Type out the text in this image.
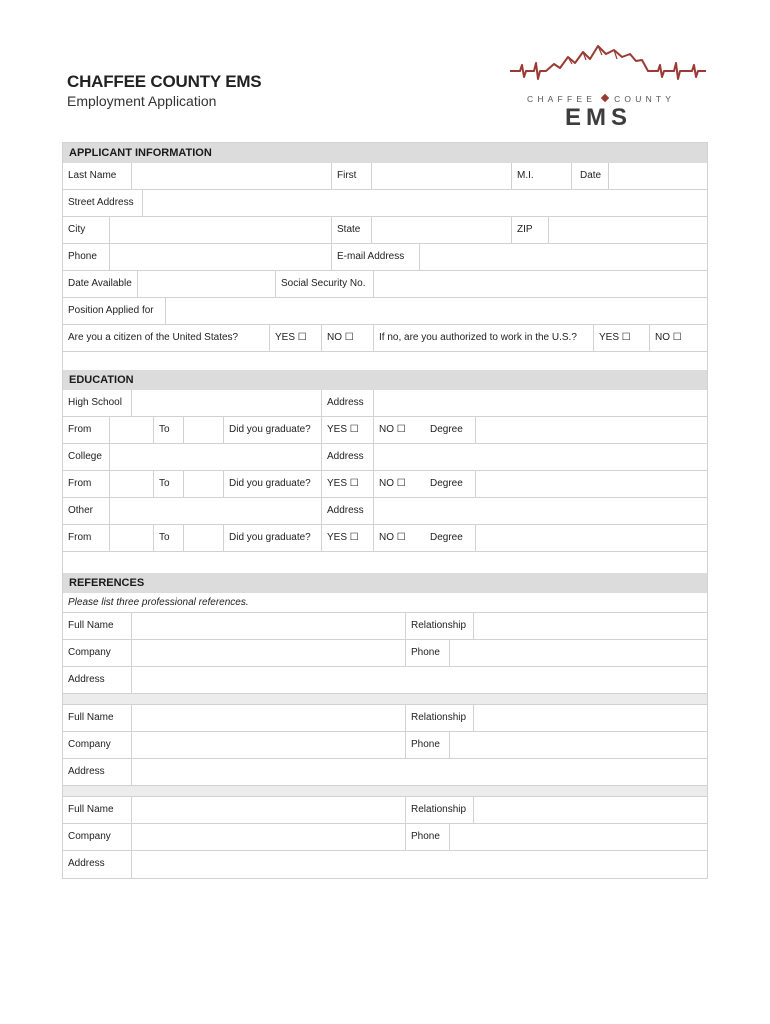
CHAFFEE COUNTY EMS
Employment Application	CHAFFEE COUNTY
EMS
APPLICANT INFORMATION
Last Name	First	M.I.	Date
Street Address
City	State	ZIP
Phone	E-mail Address
Date Available	Social Security No.
Position Applied for
Are you a citizen of the United States?	YES ☐	NO ☐	If no, are you authorized to work in the U.S.?	YES ☐	NO ☐
EDUCATION
High School	Address
From	To	Did you graduate?	YES ☐	NO ☐	Degree
College	Address
From	To	Did you graduate?	YES ☐	NO ☐	Degree
Other	Address
From	To	Did you graduate?	YES ☐	NO ☐	Degree
REFERENCES
Please list three professional references.
Full Name	Relationship
Company	Phone
Address
Full Name	Relationship
Company	Phone
Address
Full Name	Relationship
Company	Phone
Address
